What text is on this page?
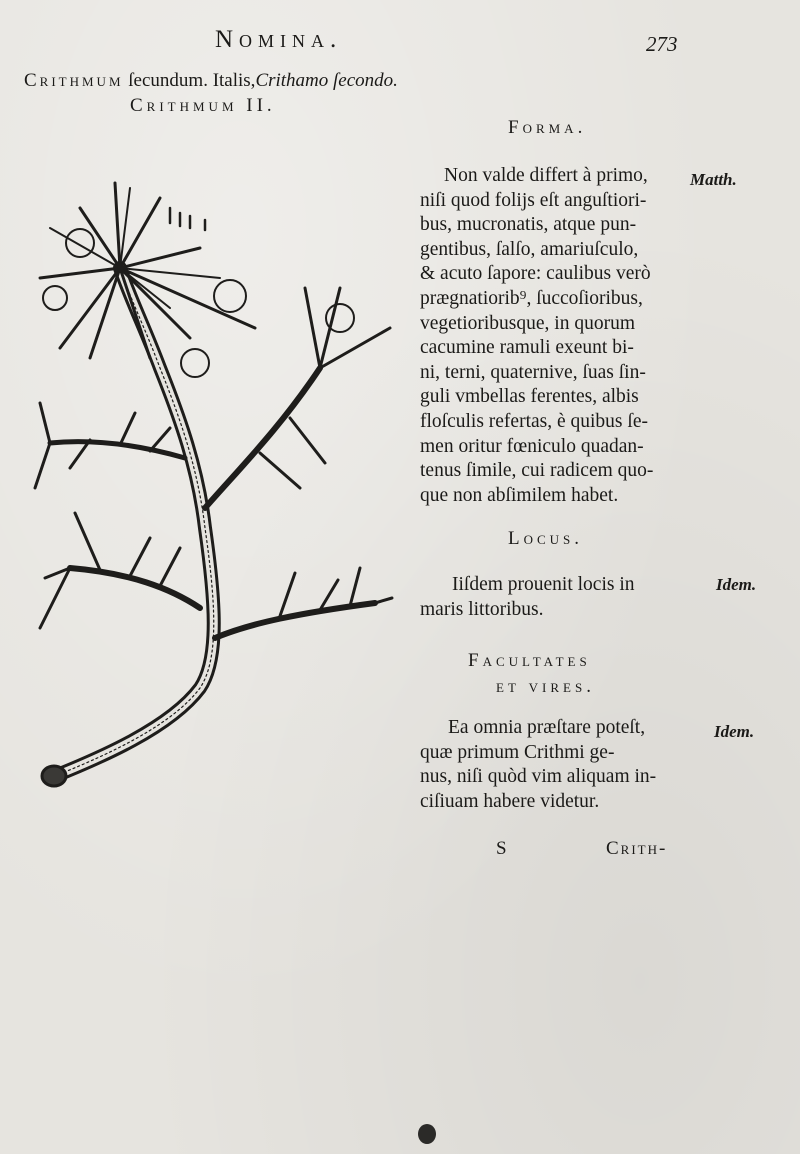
Nomina.	273
Crithmum ſecundum. Italis,Crithamo ſecondo.
Crithmum II.
Forma.
Matth.
Non valde differt à primo,
niſi quod folijs eſt anguſtiori-
bus, mucronatis, atque pun-
gentibus, ſalſo, amariuſculo,
& acuto ſapore: caulibus verò
prægnatiorib⁹, ſuccoſioribus,
vegetioribusque, in quorum
cacumine ramuli exeunt bi-
ni, terni, quaternive, ſuas ſin-
guli vmbellas ferentes, albis
floſculis refertas, è quibus ſe-
men oritur fœniculo quadan-
tenus ſimile, cui radicem quo-
que non abſimilem habet.
Locus.
Idem.
Iiſdem prouenit locis in
maris littoribus.
Facultates
et vires.
Idem.
Ea omnia præſtare poteſt,
quæ primum Crithmi ge-
nus, niſi quòd vim aliquam in-
ciſiuam habere videtur.
S	Crith-
